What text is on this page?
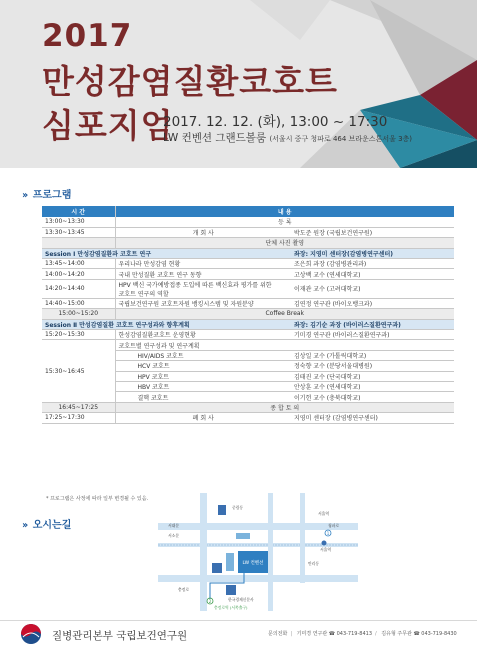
2017
만성감염질환코호트
심포지엄
2017. 12. 12. (화), 13:00 ~ 17:30
LW 컨벤션 그랜드볼룸 (서울시 중구 청파로 464 브라운스톤서울 3층)
›› 프로그램
시 간	내 용	
13:00~13:30	등 록	
13:30~13:45	개 회 사	박도준 원장 (국립보건연구원)
	단체 사진 촬영	
Session Ⅰ 만성감염질환과 코호트 연구		좌장: 지영미 센터장(감염병연구센터)
13:45~14:00	우리나라 만성감염 현황	조은희 과장 (감염병관리과)
14:00~14:20	국내 만성질환 코호트 연구 동향	고상백 교수 (연세대학교)
14:20~14:40	HPV 백신 국가예방접종 도입에 따른 백신효과 평가를 위한
코호트 연구의 역할	이재관 교수 (고려대학교)
14:40~15:00	국립보건연구원 코호트자원 뱅킹시스템 및 자원분양	김연정 연구관 (바이오뱅크과)
15:00~15:20	Coffee Break	
Session Ⅱ 만성감염질환 코호트 연구성과와 향후계획		좌장: 김기순 과장 (바이러스질환연구과)
15:20~15:30	한성감염질환코호트 운영현황	기미경 연구관 (바이러스질환연구과)
15:30~16:45	코호트별 연구성과 및 연구계획	
	HIV/AIDS 코호트	김상일 교수 (가톨릭대학교)
	HCV 코호트	정숙향 교수 (분당서울대병원)
	HPV 코호트	김태진 교수 (단국대학교)
	HBV 코호트	안상훈 교수 (연세대학교)
	결핵 코호트	이기헌 교수 (충북대학교)
16:45~17:25	종 합 토 의	
17:25~17:30	폐 회 사	지영미 센터장 (감염병연구센터)
* 프로그램은 사정에 따라 일부 변경될 수 있음.
›› 오시는길
LW 컨벤션
2
1
중림동
서대문
서울역
청파로
서소문
서울역
만리동
한국경제신문사
충정로역 (서쪽출구)
충정로
질병관리본부 국립보건연구원	문의전화 | 기미경 연구관 ☎ 043-719-8413 / 김유형 주무관 ☎ 043-719-8430
